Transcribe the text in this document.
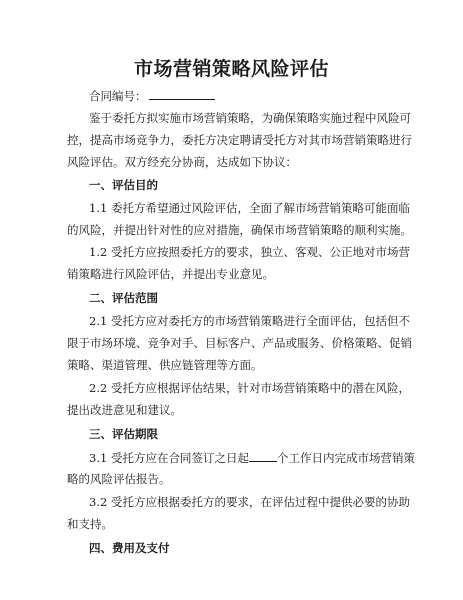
市场营销策略风险评估
合同编号：
鉴于委托方拟实施市场营销策略，为确保策略实施过程中风险可
控，提高市场竞争力，委托方决定聘请受托方对其市场营销策略进行
风险评估。双方经充分协商，达成如下协议：
一、评估目的
1.1 委托方希望通过风险评估，全面了解市场营销策略可能面临
的风险，并提出针对性的应对措施，确保市场营销策略的顺利实施。
1.2 受托方应按照委托方的要求，独立、客观、公正地对市场营
销策略进行风险评估，并提出专业意见。
二、评估范围
2.1 受托方应对委托方的市场营销策略进行全面评估，包括但不
限于市场环境、竞争对手、目标客户、产品或服务、价格策略、促销
策略、渠道管理、供应链管理等方面。
2.2 受托方应根据评估结果，针对市场营销策略中的潜在风险，
提出改进意见和建议。
三、评估期限
3.1 受托方应在合同签订之日起 个工作日内完成市场营销策
略的风险评估报告。
3.2 受托方应根据委托方的要求，在评估过程中提供必要的协助
和支持。
四、费用及支付
